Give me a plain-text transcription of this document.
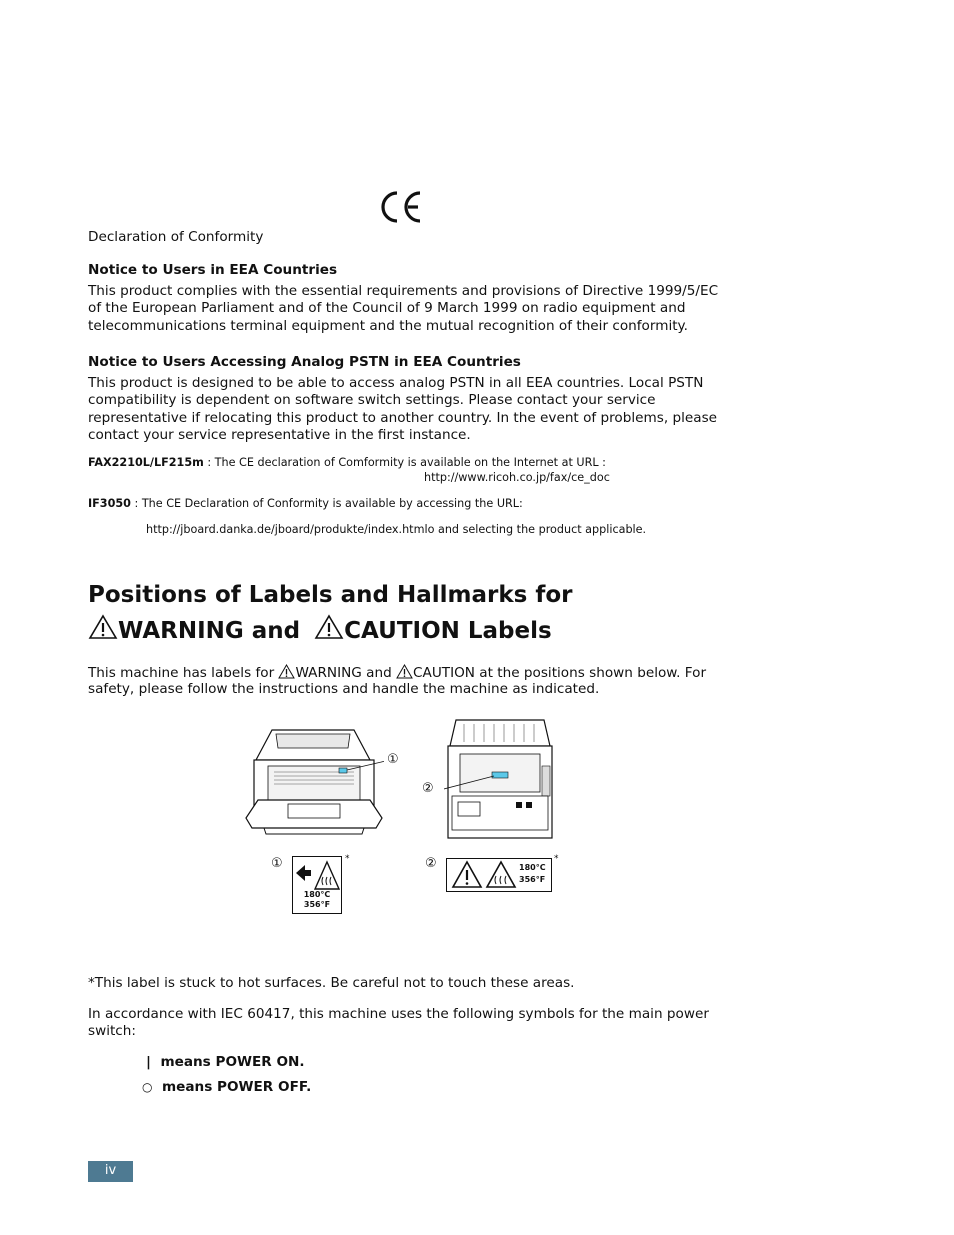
Declaration of Conformity
Notice to Users in EEA Countries
This product complies with the essential requirements and provisions of Directive 1999/5/EC
of the European Parliament and of the Council of 9 March 1999 on radio equipment and
telecommunications terminal equipment and the mutual recognition of their conformity.
Notice to Users Accessing Analog PSTN in EEA Countries
This product is designed to be able to access analog PSTN in all EEA countries. Local PSTN
compatibility is dependent on software switch settings. Please contact your service
representative if relocating this product to another country. In the event of problems, please
contact your service representative in the first instance.
FAX2210L/LF215m : The CE declaration of Comformity is available on the Internet at URL :
http://www.ricoh.co.jp/fax/ce_doc
IF3050 : The CE Declaration of Conformity is available by accessing the URL:
http://jboard.danka.de/jboard/produkte/index.htmlo and selecting the product applicable.
Positions of Labels and Hallmarks for
WARNING and CAUTION Labels
This machine has labels for WARNING and CAUTION at the positions shown below. For
safety, please follow the instructions and handle the machine as indicated.
①
②
①
180°C
356°F
*	②	180°C
356°F
*
*This label is stuck to hot surfaces. Be careful not to touch these areas.
In accordance with IEC 60417, this machine uses the following symbols for the main power
switch:
| means POWER ON.
○ means POWER OFF.
iv
